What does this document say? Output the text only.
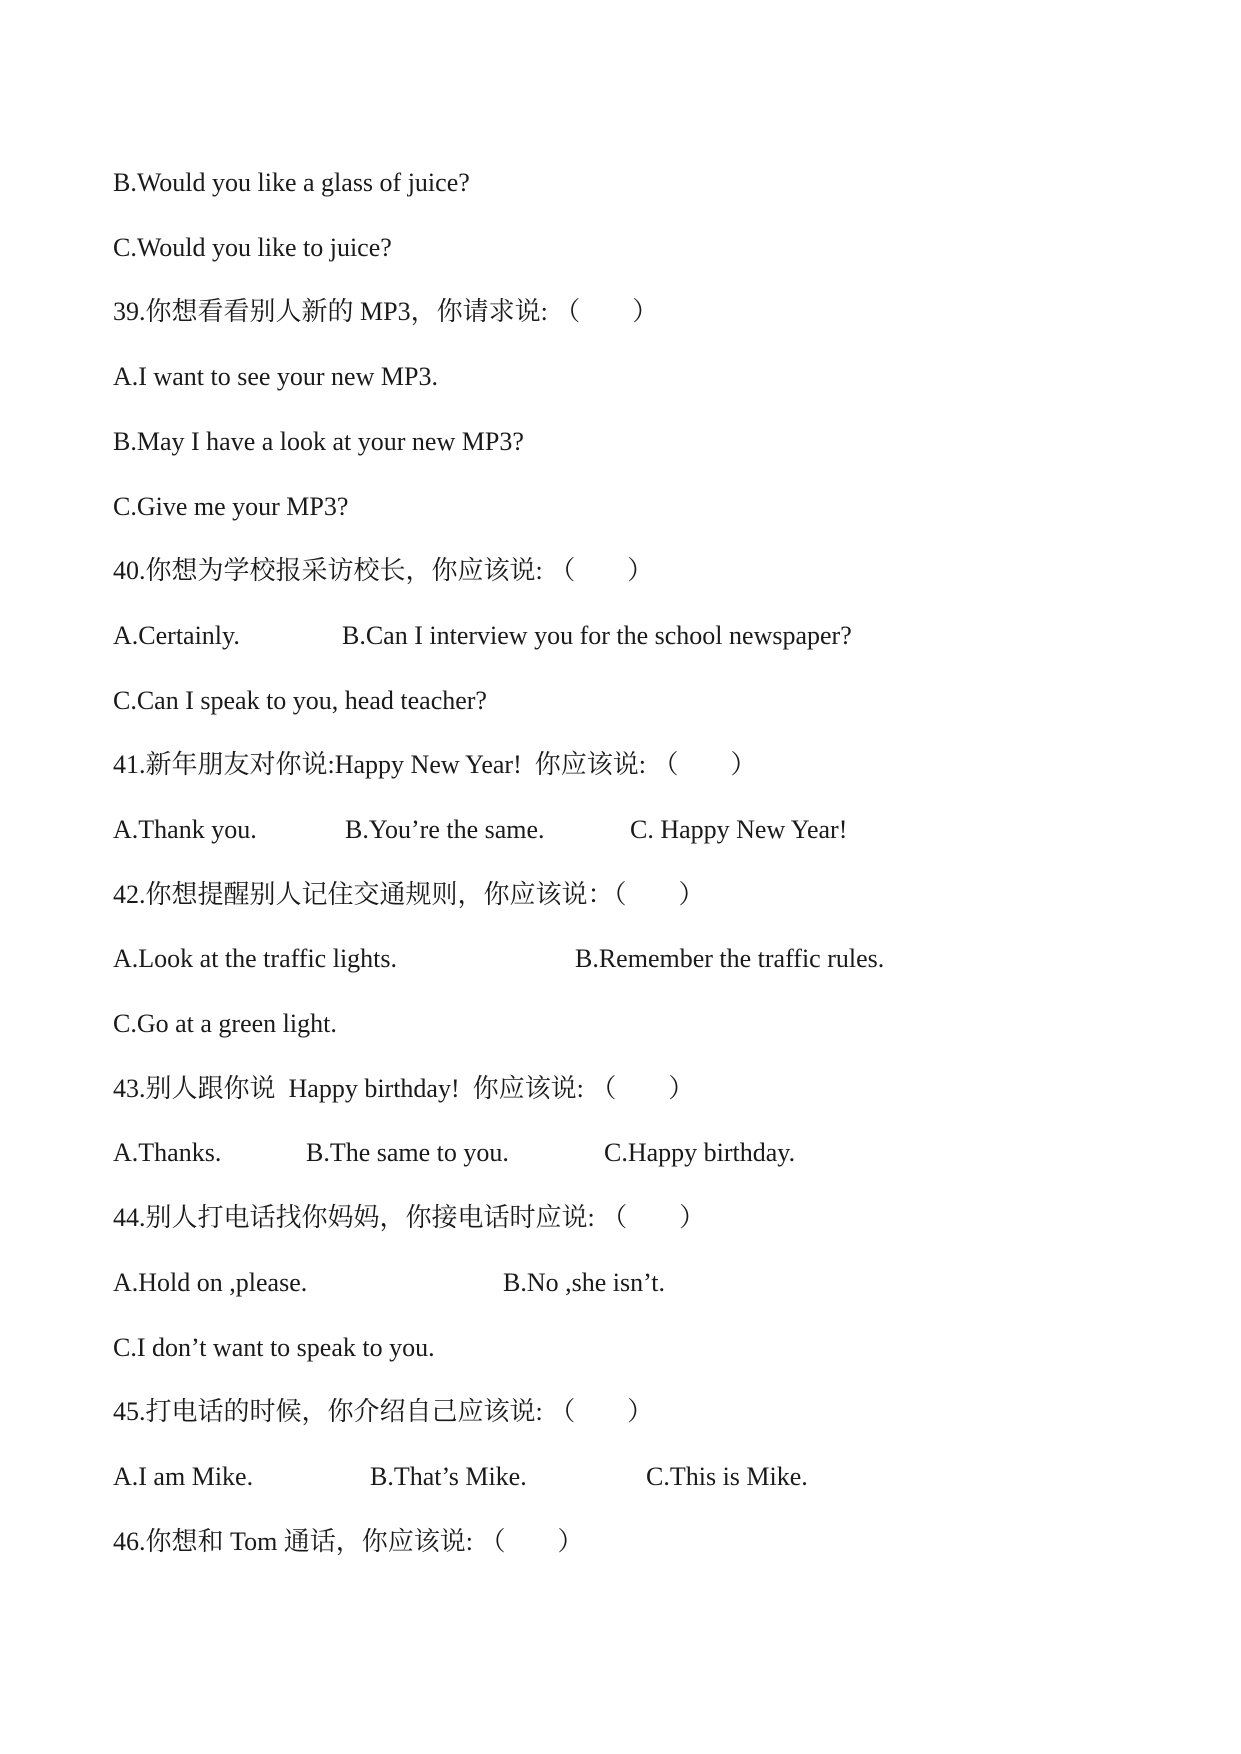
B.Would you like a glass of juice?
C.Would you like to juice?
39.你想看看别人新的 MP3，你请求说: （　　）
A.I want to see your new MP3.
B.May I have a look at your new MP3?
C.Give me your MP3?
40.你想为学校报采访校长，你应该说: （　　）

A.Certainly.

	B.Can I interview you for the school newspaper?

C.Can I speak to you, head teacher?
41.新年朋友对你说:Happy New Year!  你应该说: （　　）

A.Thank you.

	B.You’re the same.

	C. Happy New Year!

42.你想提醒别人记住交通规则，你应该说：（　　）

A.Look at the traffic lights.

	B.Remember the traffic rules.

C.Go at a green light.
43.别人跟你说  Happy birthday!  你应该说: （　　）

A.Thanks.

	B.The same to you.

	C.Happy birthday.

44.别人打电话找你妈妈，你接电话时应说: （　　）

A.Hold on ,please.

	B.No ,she isn’t.

C.I don’t want to speak to you.
45.打电话的时候，你介绍自己应该说: （　　）

A.I am Mike.

	B.That’s Mike.

	C.This is Mike.

46.你想和 Tom 通话，你应该说: （　　）
